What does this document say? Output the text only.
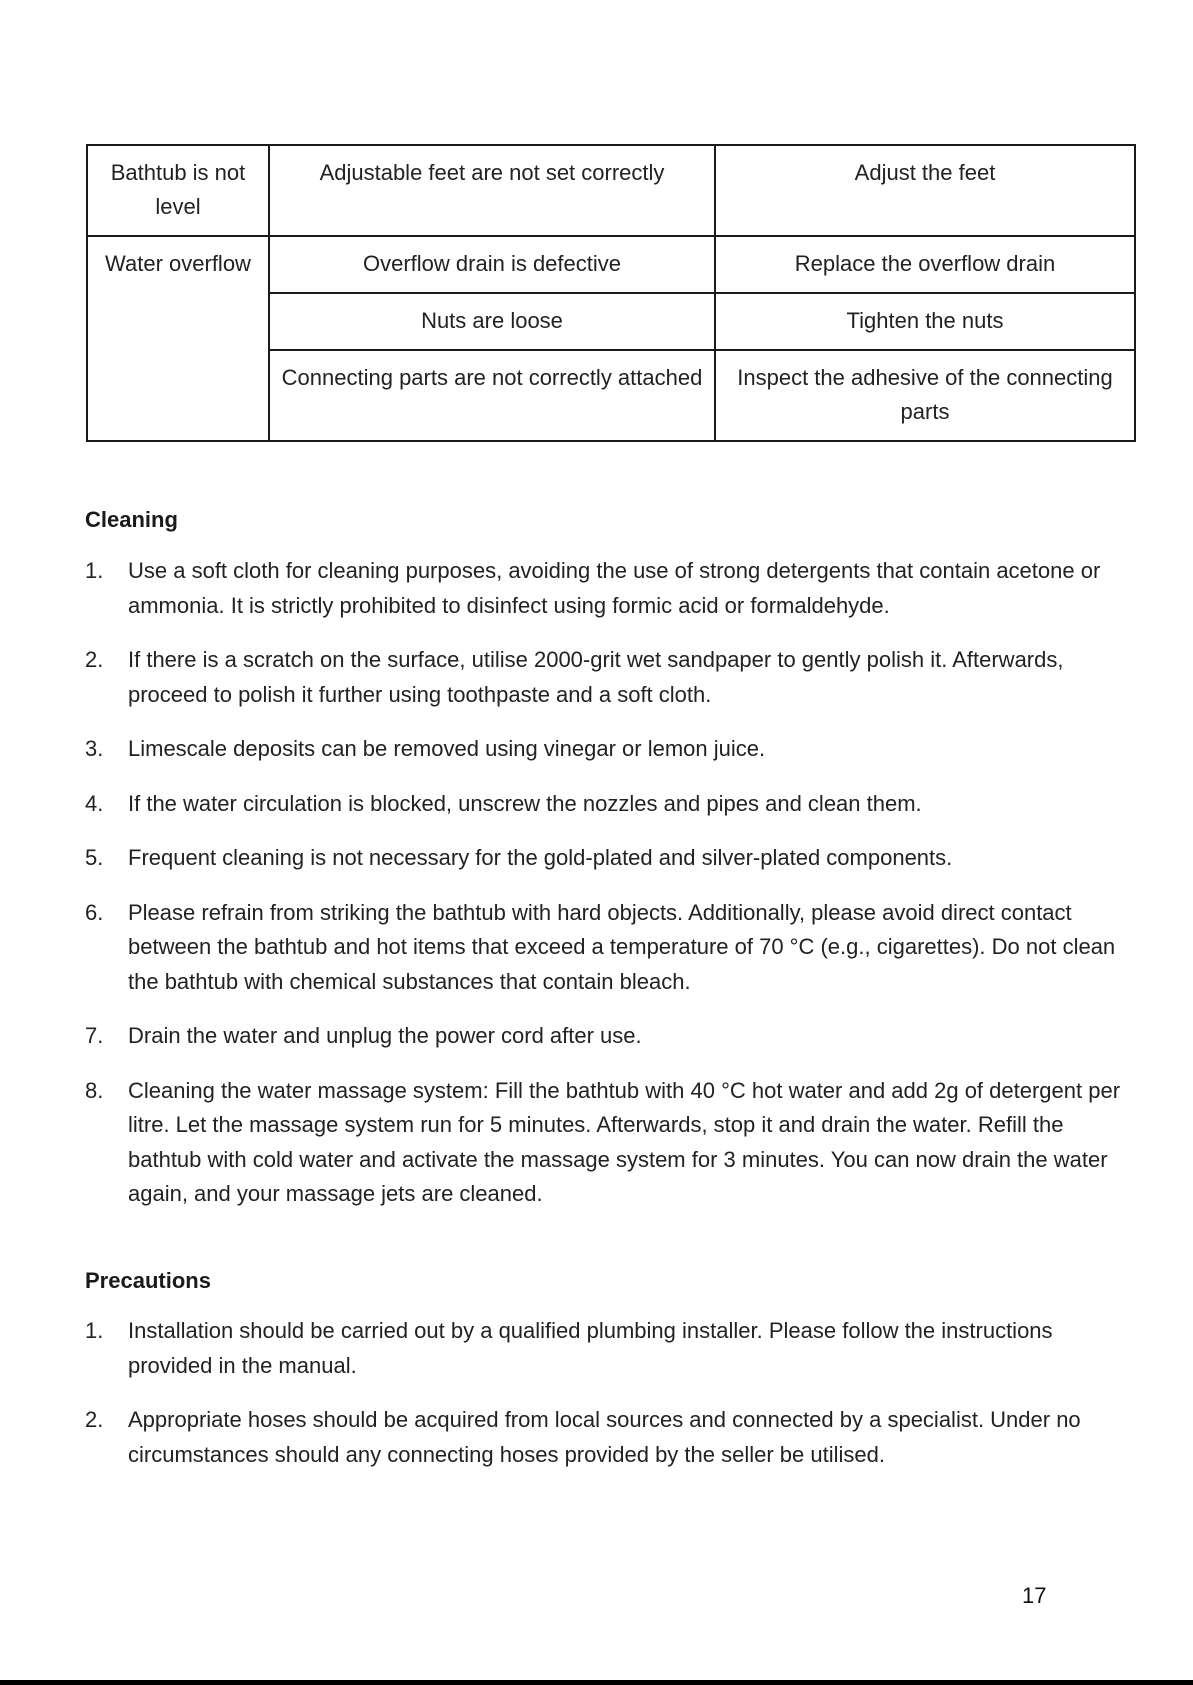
Bathtub is not level	Adjustable feet are not set correctly	Adjust the feet
Water overflow	Overflow drain is defective	Replace the overflow drain
	Nuts are loose	Tighten the nuts
	Connecting parts are not correctly attached	Inspect the adhesive of the connecting parts
Cleaning
1.	Use a soft cloth for cleaning purposes, avoiding the use of strong detergents that contain acetone or ammonia. It is strictly prohibited to disinfect using formic acid or formaldehyde.
2.	If there is a scratch on the surface, utilise 2000-grit wet sandpaper to gently polish it. Afterwards, proceed to polish it further using toothpaste and a soft cloth.
3.	Limescale deposits can be removed using vinegar or lemon juice.
4.	If the water circulation is blocked, unscrew the nozzles and pipes and clean them.
5.	Frequent cleaning is not necessary for the gold-plated and silver-plated components.
6.	Please refrain from striking the bathtub with hard objects. Additionally, please avoid direct contact between the bathtub and hot items that exceed a temperature of 70 °C (e.g., cigarettes). Do not clean the bathtub with chemical substances that contain bleach.
7.	Drain the water and unplug the power cord after use.
8.	Cleaning the water massage system: Fill the bathtub with 40 °C hot water and add 2g of detergent per litre. Let the massage system run for 5 minutes. Afterwards, stop it and drain the water. Refill the bathtub with cold water and activate the massage system for 3 minutes. You can now drain the water again, and your massage jets are cleaned.
Precautions
1.	Installation should be carried out by a qualified plumbing installer. Please follow the instructions provided in the manual.
2.	Appropriate hoses should be acquired from local sources and connected by a specialist. Under no circumstances should any connecting hoses provided by the seller be utilised.
17
